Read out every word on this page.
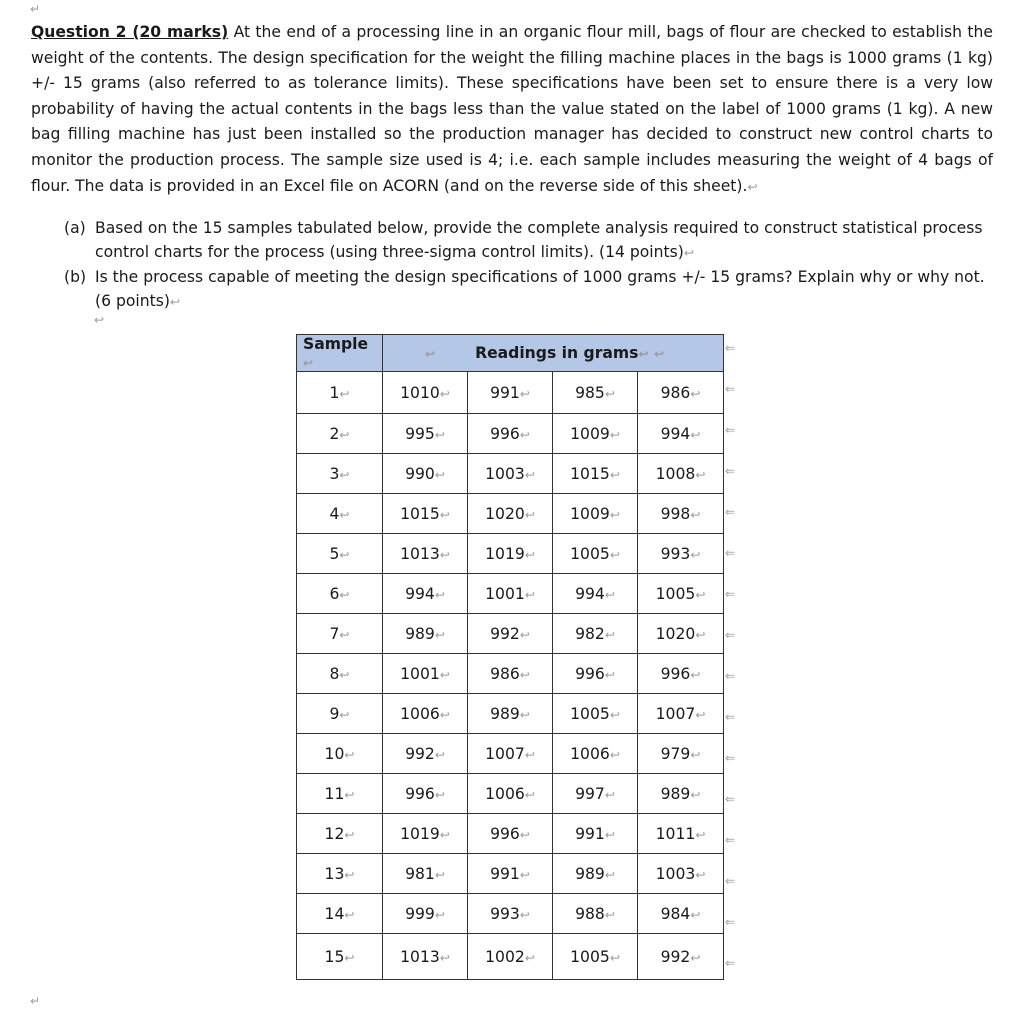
↵

Question 2 (20 marks) At the end of a processing line in an organic flour mill, bags of flour are checked to establish the weight of the contents. The design specification for the weight the filling machine places in the bags is 1000 grams (1 kg) +/- 15 grams (also referred to as tolerance limits). These specifications have been set to ensure there is a very low probability of having the actual contents in the bags less than the value stated on the label of 1000 grams (1 kg). A new bag filling machine has just been installed so the production manager has decided to construct new control charts to monitor the production process. The sample size used is 4; i.e. each sample includes measuring the weight of 4 bags of flour. The data is provided in an Excel file on ACORN (and on the reverse side of this sheet).↩

(a) Based on the 15 samples tabulated below, provide the complete analysis required to construct statistical process control charts for the process (using three-sigma control limits). (14 points)↩
(b) Is the process capable of meeting the design specifications of 1000 grams +/- 15 grams? Explain why or why not. (6 points)↩
↩
Sample ↩	↩ Readings in grams↩ ↩			
1↩	1010↩	991↩	985↩	986↩
2↩	995↩	996↩	1009↩	994↩
3↩	990↩	1003↩	1015↩	1008↩
4↩	1015↩	1020↩	1009↩	998↩
5↩	1013↩	1019↩	1005↩	993↩
6↩	994↩	1001↩	994↩	1005↩
7↩	989↩	992↩	982↩	1020↩
8↩	1001↩	986↩	996↩	996↩
9↩	1006↩	989↩	1005↩	1007↩
10↩	992↩	1007↩	1006↩	979↩
11↩	996↩	1006↩	997↩	989↩
12↩	1019↩	996↩	991↩	1011↩
13↩	981↩	991↩	989↩	1003↩
14↩	999↩	993↩	988↩	984↩
15↩	1013↩	1002↩	1005↩	992↩
⇐
⇐
⇐
⇐
⇐
⇐
⇐
⇐
⇐
⇐
⇐
⇐
⇐
⇐
⇐
⇐
↵
